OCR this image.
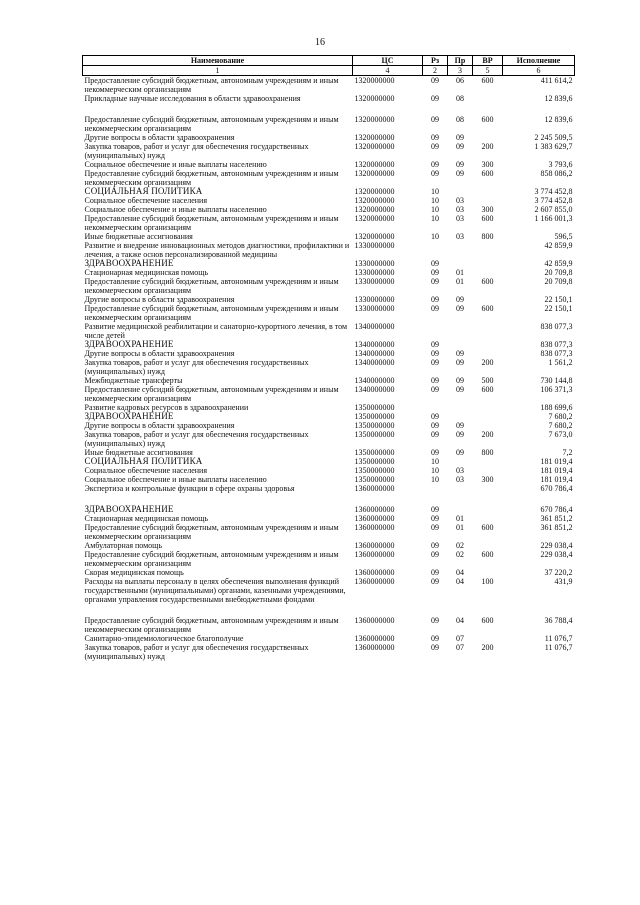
16
Наименование	ЦС	Рз	Пр	ВР	Исполнение
1	4	2	3	5	6
Предоставление субсидий бюджетным, автономным учреждениям и иным некоммерческим организациям	1320000000	09	06	600	411 614,2
Прикладные научные исследования в области здравоохранения	1320000000	09	08		12 839,6

Предоставление субсидий бюджетным, автономным учреждениям и иным некоммерческим организациям	1320000000	09	08	600	12 839,6
Другие вопросы в области здравоохранения	1320000000	09	09		2 245 509,5
Закупка товаров, работ и услуг для обеспечения государственных (муниципальных) нужд	1320000000	09	09	200	1 383 629,7
Социальное обеспечение и иные выплаты населению	1320000000	09	09	300	3 793,6
Предоставление субсидий бюджетным, автономным учреждениям и иным некоммерческим организациям	1320000000	09	09	600	858 086,2
СОЦИАЛЬНАЯ ПОЛИТИКА	1320000000	10			3 774 452,8
Социальное обеспечение населения	1320000000	10	03		3 774 452,8
Социальное обеспечение и иные выплаты населению	1320000000	10	03	300	2 607 855,0
Предоставление субсидий бюджетным, автономным учреждениям и иным некоммерческим организациям	1320000000	10	03	600	1 166 001,3
Иные бюджетные ассигнования	1320000000	10	03	800	596,5
Развитие и внедрение инновационных методов диагностики, профилактики и лечения, а также основ персонализированной медицины	1330000000				42 859,9
ЗДРАВООХРАНЕНИЕ	1330000000	09			42 859,9
Стационарная медицинская помощь	1330000000	09	01		20 709,8
Предоставление субсидий бюджетным, автономным учреждениям и иным некоммерческим организациям	1330000000	09	01	600	20 709,8
Другие вопросы в области здравоохранения	1330000000	09	09		22 150,1
Предоставление субсидий бюджетным, автономным учреждениям и иным некоммерческим организациям	1330000000	09	09	600	22 150,1
Развитие медицинской реабилитации и санаторно-курортного лечения, в том числе детей	1340000000				838 077,3
ЗДРАВООХРАНЕНИЕ	1340000000	09			838 077,3
Другие вопросы в области здравоохранения	1340000000	09	09		838 077,3
Закупка товаров, работ и услуг для обеспечения государственных (муниципальных) нужд	1340000000	09	09	200	1 561,2
Межбюджетные трансферты	1340000000	09	09	500	730 144,8
Предоставление субсидий бюджетным, автономным учреждениям и иным некоммерческим организациям	1340000000	09	09	600	106 371,3
Развитие кадровых ресурсов в здравоохранении	1350000000				188 699,6
ЗДРАВООХРАНЕНИЕ	1350000000	09			7 680,2
Другие вопросы в области здравоохранения	1350000000	09	09		7 680,2
Закупка товаров, работ и услуг для обеспечения государственных (муниципальных) нужд	1350000000	09	09	200	7 673,0
Иные бюджетные ассигнования	1350000000	09	09	800	7,2
СОЦИАЛЬНАЯ ПОЛИТИКА	1350000000	10			181 019,4
Социальное обеспечение населения	1350000000	10	03		181 019,4
Социальное обеспечение и иные выплаты населению	1350000000	10	03	300	181 019,4
Экспертиза и контрольные функции в сфере охраны здоровья	1360000000				670 786,4

ЗДРАВООХРАНЕНИЕ	1360000000	09			670 786,4
Стационарная медицинская помощь	1360000000	09	01		361 851,2
Предоставление субсидий бюджетным, автономным учреждениям и иным некоммерческим организациям	1360000000	09	01	600	361 851,2
Амбулаторная помощь	1360000000	09	02		229 038,4
Предоставление субсидий бюджетным, автономным учреждениям и иным некоммерческим организациям	1360000000	09	02	600	229 038,4
Скорая медицинская помощь	1360000000	09	04		37 220,2
Расходы на выплаты персоналу в целях обеспечения выполнения функций государственными (муниципальными) органами, казенными учреждениями, органами управления государственными внебюджетными фондами	1360000000	09	04	100	431,9

Предоставление субсидий бюджетным, автономным учреждениям и иным некоммерческим организациям	1360000000	09	04	600	36 788,4
Санитарно-эпидемиологическое благополучие	1360000000	09	07		11 076,7
Закупка товаров, работ и услуг для обеспечения государственных (муниципальных) нужд	1360000000	09	07	200	11 076,7
